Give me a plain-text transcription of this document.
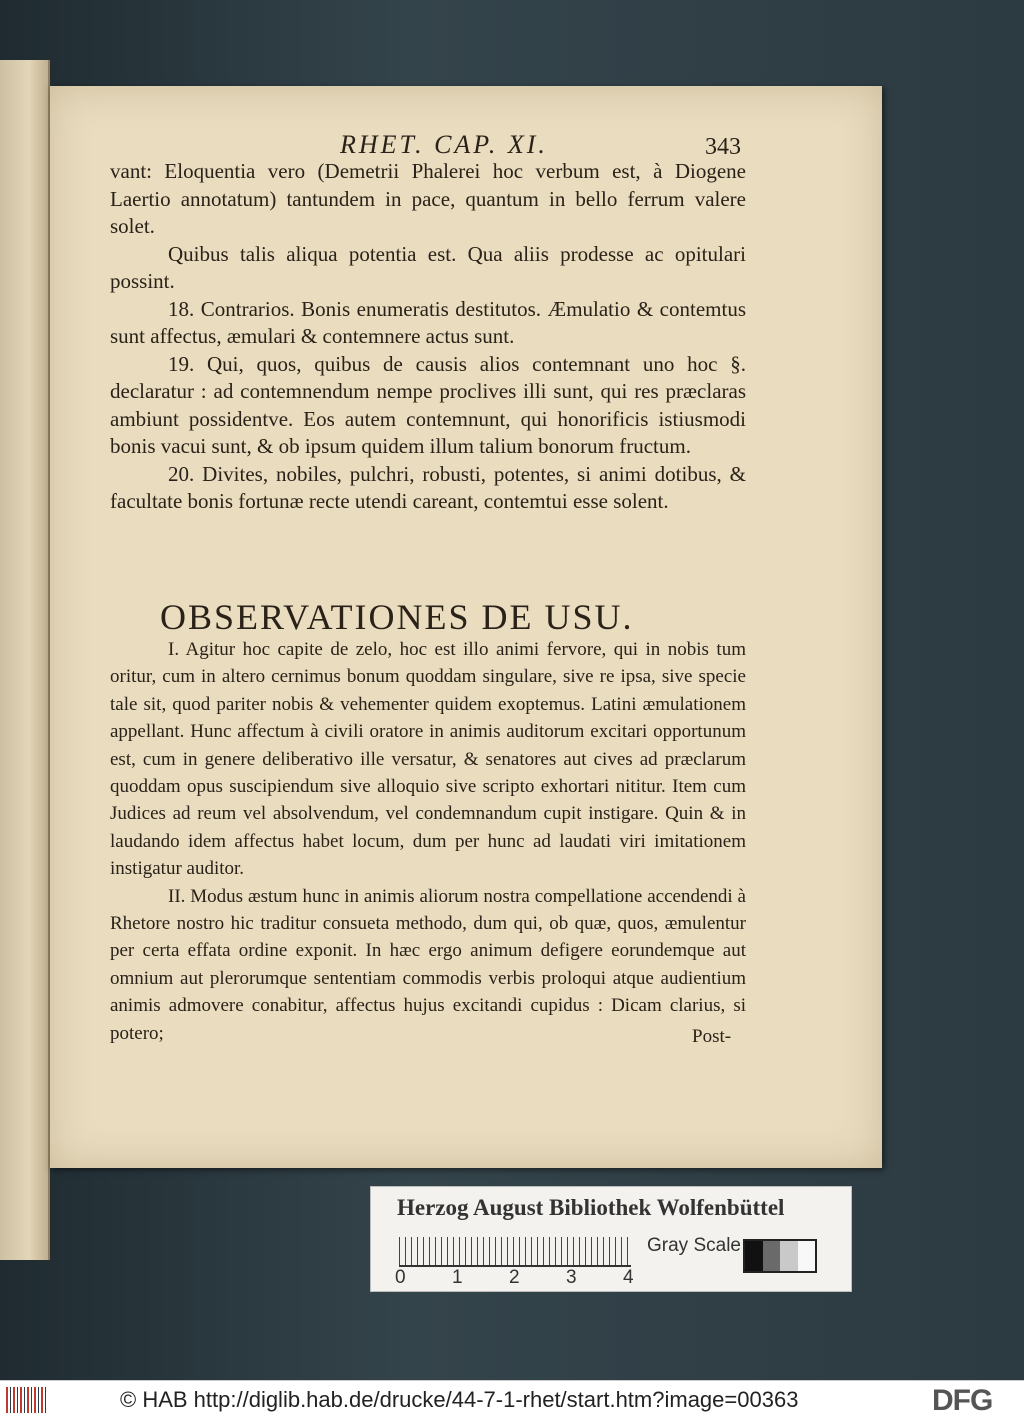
RHET. CAP. XI.	343

vant: Eloquentia vero (Demetrii Phalerei hoc verbum est, à Diogene Laertio annotatum) tantundem in pace, quantum in bello ferrum valere solet.

Quibus talis aliqua potentia est. Qua aliis prodesse ac opitulari possint.

18. Contrarios. Bonis enumeratis destitutos. Æmulatio & contemtus sunt affectus, æmulari & contemnere actus sunt.

19. Qui, quos, quibus de causis alios contemnant uno hoc §. declaratur : ad contemnendum nempe proclives illi sunt, qui res præclaras ambiunt possidentve. Eos autem contemnunt, qui honorificis istiusmodi bonis vacui sunt, & ob ipsum quidem illum talium bonorum fructum.

20. Divites, nobiles, pulchri, robusti, potentes, si animi dotibus, & facultate bonis fortunæ recte utendi careant, contemtui esse solent.

OBSERVATIONES DE USU.

I. Agitur hoc capite de zelo, hoc est illo animi fervore, qui in nobis tum oritur, cum in altero cernimus bonum quoddam singulare, sive re ipsa, sive specie tale sit, quod pariter nobis & vehementer quidem exoptemus. Latini æmulationem appellant. Hunc affectum à civili oratore in animis auditorum excitari opportunum est, cum in genere deliberativo ille versatur, & senatores aut cives ad præclarum quoddam opus suscipiendum sive alloquio sive scripto exhortari nititur. Item cum Judices ad reum vel absolvendum, vel condemnandum cupit instigare. Quin & in laudando idem affectus habet locum, dum per hunc ad laudati viri imitationem instigatur auditor.

II. Modus æstum hunc in animis aliorum nostra compellatione accendendi à Rhetore nostro hic traditur consueta methodo, dum qui, ob quæ, quos, æmulentur per certa effata ordine exponit. In hæc ergo animum defigere eorundemque aut omnium aut plerorumque sententiam commodis verbis proloqui atque audientium animis admovere conabitur, affectus hujus excitandi cupidus : Dicam clarius, si potero;	Post-
Herzog August Bibliothek Wolfenbüttel
0 1 2 3 4
Gray Scale
© HAB http://diglib.hab.de/drucke/44-7-1-rhet/start.htm?image=00363	DFG
